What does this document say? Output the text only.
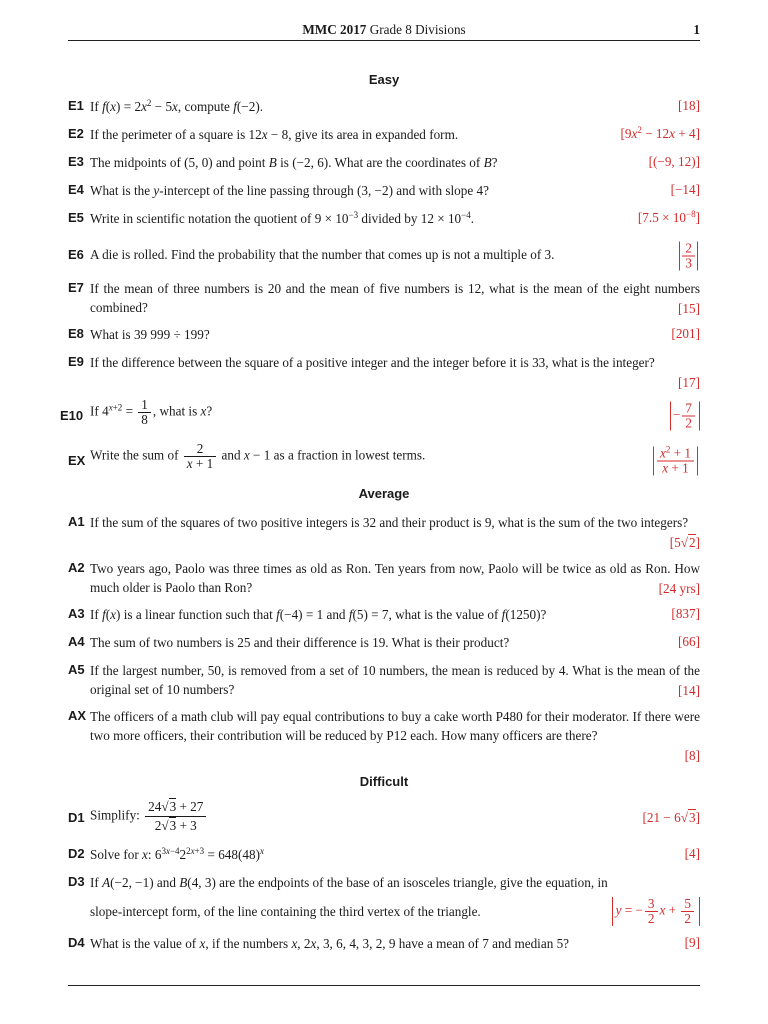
MMC 2017 Grade 8 Divisions	1
Easy
E1 If $f(x) = 2x^2 - 5x$, compute f(−2).	[18]
E2 If the perimeter of a square is 12x − 8, give its area in expanded form.	$[9x^2 - 12x + 4]$
E3 The midpoints of (5, 0) and point B is (−2, 6). What are the coordinates of B?	[(−9, 12)]
E4 What is the y-intercept of the line passing through (3, −2) and with slope 4?	[−14]
E5 Write in scientific notation the quotient of $9 \times 10^{-3}$ divided by $12 \times 10^{-4}$.	$[7.5 \times 10^{-8}]$
E6 A die is rolled. Find the probability that the number that comes up is not a multiple of 3.	$\frac{2}{3}$
E7 If the mean of three numbers is 20 and the mean of five numbers is 12, what is the mean of the eight numbers combined?	[15]
E8 What is 39 999 ÷ 199?	[201]
E9 If the difference between the square of a positive integer and the integer before it is 33, what is the integer?
[17]
E10 If $4^{x+2} = \frac{1}{8}$ , what is x?	− $\frac{7}{2}$
EX Write the sum of $\frac{2}{x + 1}$ and x − 1 as a fraction in lowest terms.	$\frac{x^2 + 1}{x + 1}$
Average
A1 If the sum of the squares of two positive integers is 32 and their product is 9, what is the sum of the two integers?
[5√2]
A2 Two years ago, Paolo was three times as old as Ron. Ten years from now, Paolo will be twice as old as Ron. How much older is Paolo than Ron?	[24 yrs]
A3 If f(x) is a linear function such that f(−4) = 1 and f(5) = 7, what is the value of f(1250)?	[837]
A4 The sum of two numbers is 25 and their difference is 19. What is their product?	[66]
A5 If the largest number, 50, is removed from a set of 10 numbers, the mean is reduced by 4. What is the mean of the original set of 10 numbers?	[14]
AX The officers of a math club will pay equal contributions to buy a cake worth P480 for their moderator. If there were two more officers, their contribution will be reduced by P12 each. How many officers are there?
[8]
Difficult
D1 Simplify: $\frac{24√3 + 27}{2√3 + 3}$	[21 − 6√3]
D2 Solve for x: $6^{3x-4}2^{2x+3} = 648(48)^x$	[4]
D3 If A(−2, −1) and B(4, 3) are the endpoints of the base of an isosceles triangle, give the equation, in
slope-intercept form, of the line containing the third vertex of the triangle.	y = − $\frac{3}{2}$ $x + \frac{5}{2}$
D4 What is the value of x, if the numbers x, 2x, 3, 6, 4, 3, 2, 9 have a mean of 7 and median 5?	[9]
